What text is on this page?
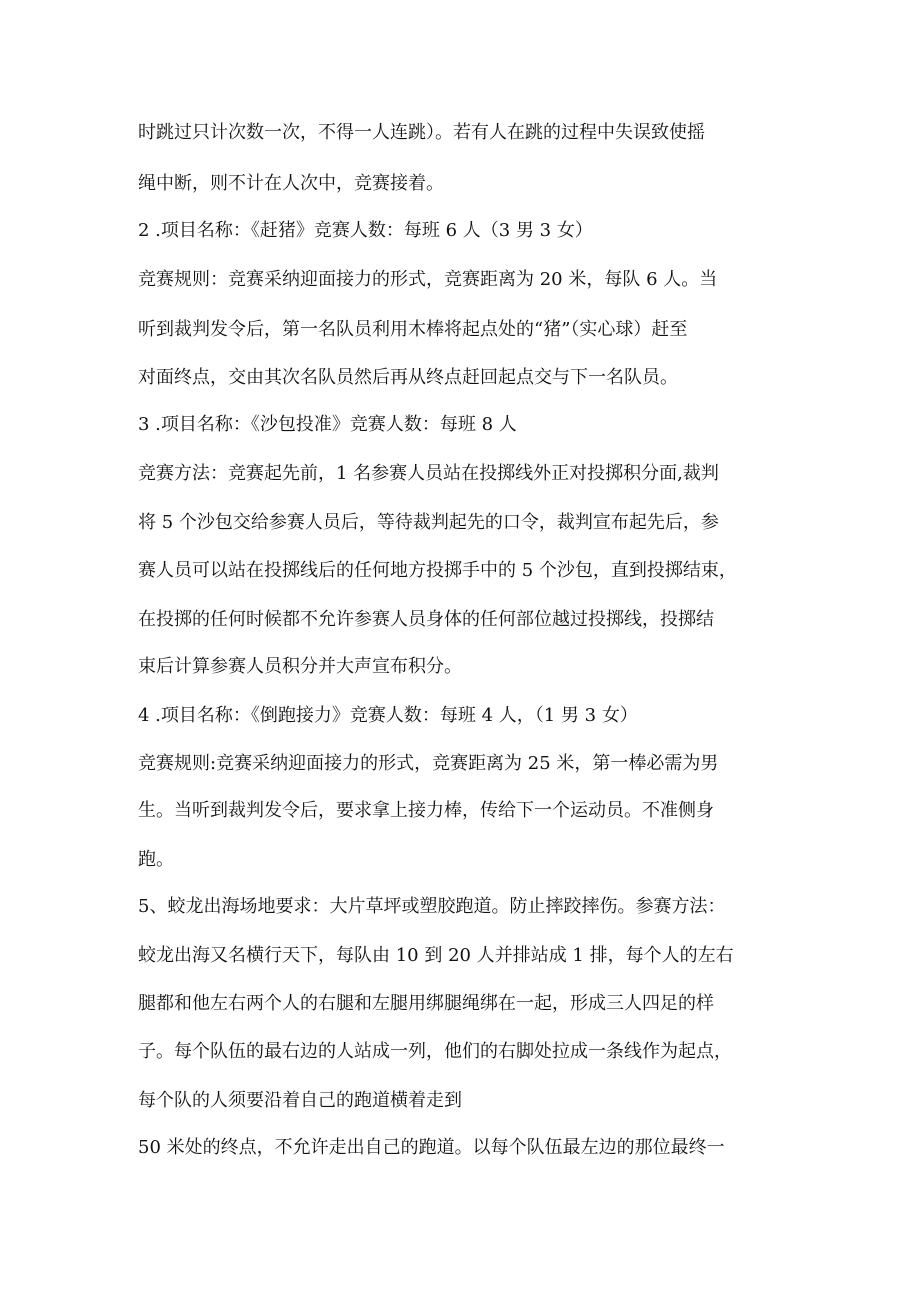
时跳过只计次数一次，不得一人连跳）。若有人在跳的过程中失误致使摇
绳中断，则不计在人次中，竞赛接着。
2 .项目名称：《赶猪》竞赛人数：每班 6 人（3 男 3 女）
竞赛规则：竞赛采纳迎面接力的形式，竞赛距离为 20 米，每队 6 人。当
听到裁判发令后，第一名队员利用木棒将起点处的“猪”（实心球）赶至
对面终点，交由其次名队员然后再从终点赶回起点交与下一名队员。
3 .项目名称：《沙包投准》竞赛人数：每班 8 人
竞赛方法：竞赛起先前，1 名参赛人员站在投掷线外正对投掷积分面,裁判
将 5 个沙包交给参赛人员后，等待裁判起先的口令，裁判宣布起先后，参
赛人员可以站在投掷线后的任何地方投掷手中的 5 个沙包，直到投掷结束，
在投掷的任何时候都不允许参赛人员身体的任何部位越过投掷线，投掷结
束后计算参赛人员积分并大声宣布积分。
4 .项目名称：《倒跑接力》竞赛人数：每班 4 人，（1 男 3 女）
竞赛规则:竞赛采纳迎面接力的形式，竞赛距离为 25 米，第一棒必需为男
生。当听到裁判发令后，要求拿上接力棒，传给下一个运动员。不准侧身
跑。
5、蛟龙出海场地要求：大片草坪或塑胶跑道。防止摔跤摔伤。参赛方法：
蛟龙出海又名横行天下，每队由 10 到 20 人并排站成 1 排，每个人的左右
腿都和他左右两个人的右腿和左腿用绑腿绳绑在一起，形成三人四足的样
子。每个队伍的最右边的人站成一列，他们的右脚处拉成一条线作为起点，
每个队的人须要沿着自己的跑道横着走到
50 米处的终点，不允许走出自己的跑道。以每个队伍最左边的那位最终一
